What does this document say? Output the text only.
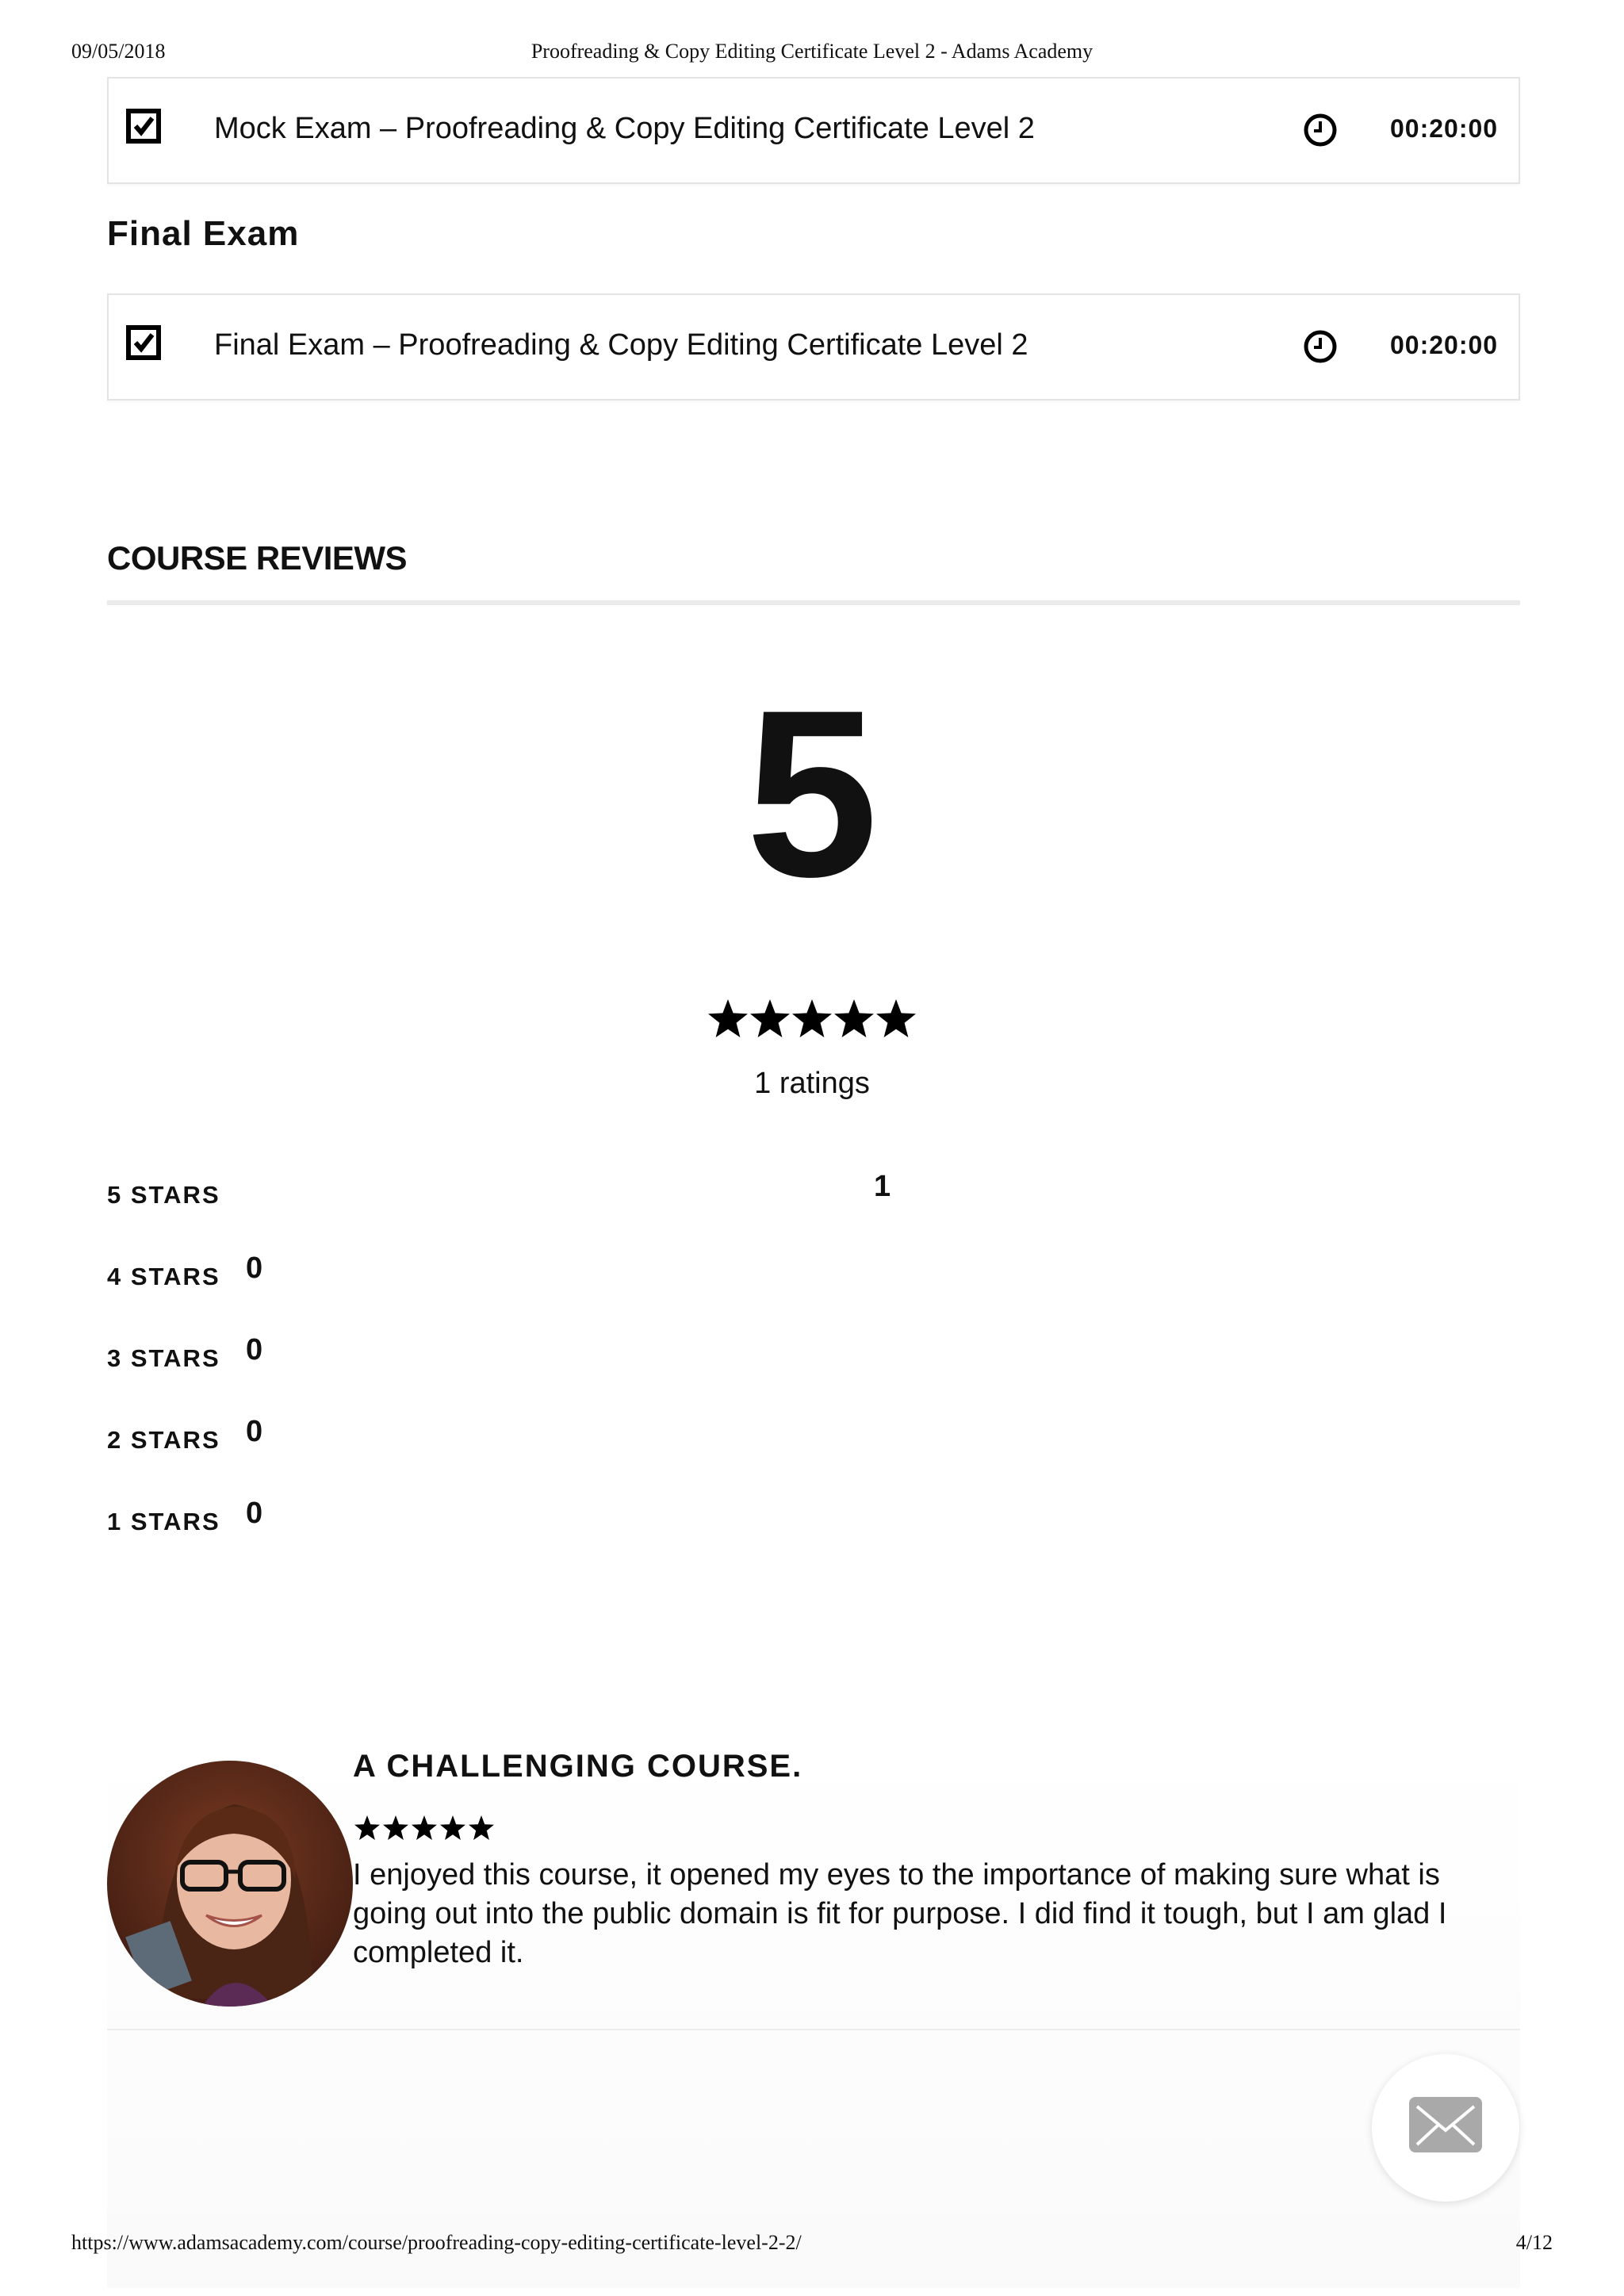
09/05/2018	Proofreading & Copy Editing Certificate Level 2 - Adams Academy
Mock Exam – Proofreading & Copy Editing Certificate Level 2	00:20:00
Final Exam
Final Exam – Proofreading & Copy Editing Certificate Level 2	00:20:00
COURSE REVIEWS
5
1 ratings
5 STARS	1
4 STARS 0
3 STARS 0
2 STARS 0
1 STARS 0
A CHALLENGING COURSE.
I enjoyed this course, it opened my eyes to the importance of making sure what is going out into the public domain is fit for purpose. I did find it tough, but I am glad I completed it.
https://www.adamsacademy.com/course/proofreading-copy-editing-certificate-level-2-2/	4/12
